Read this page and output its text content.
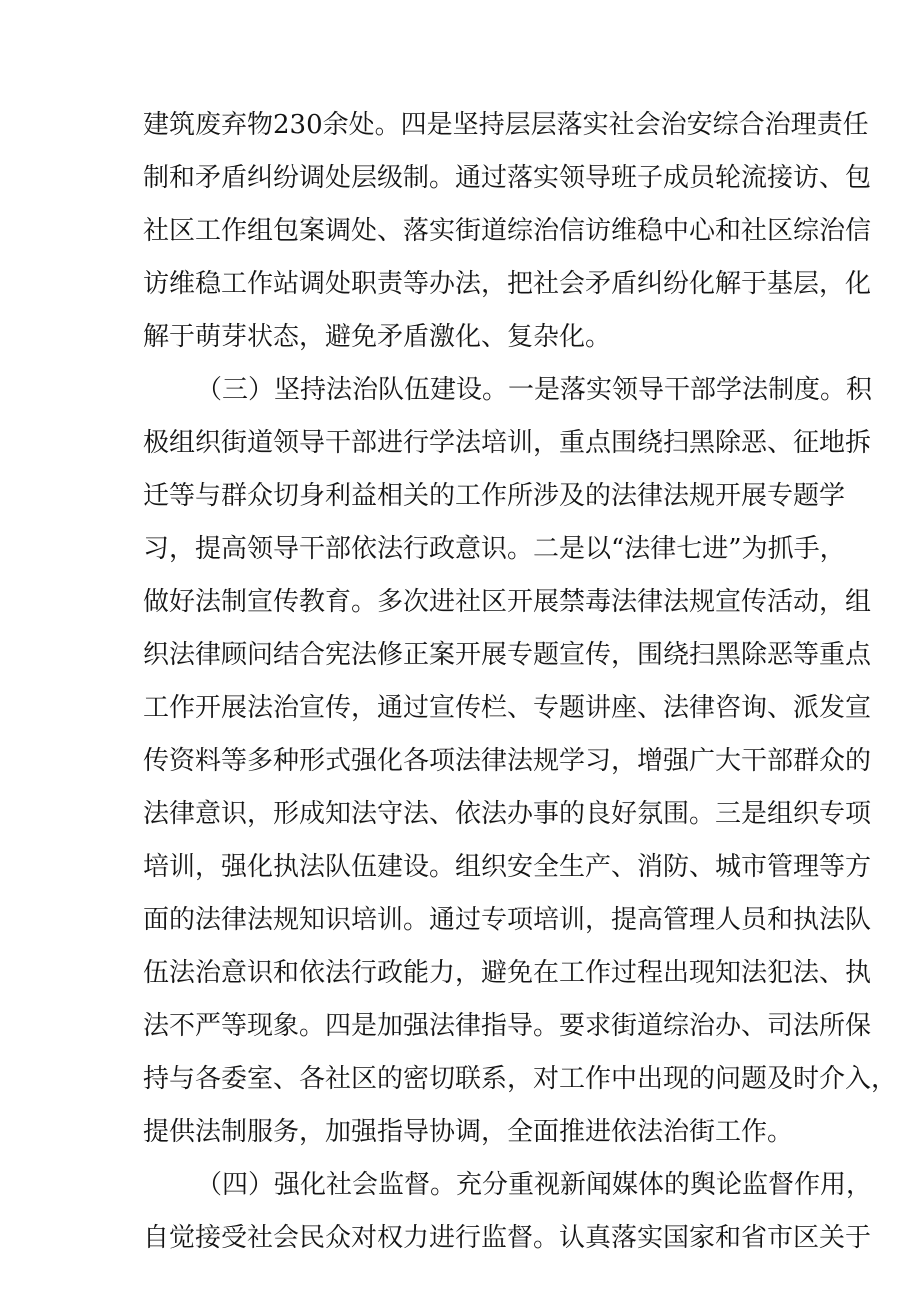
建筑废弃物230余处。四是坚持层层落实社会治安综合治理责任
制和矛盾纠纷调处层级制。通过落实领导班子成员轮流接访、包
社区工作组包案调处、落实街道综治信访维稳中心和社区综治信
访维稳工作站调处职责等办法，把社会矛盾纠纷化解于基层，化
解于萌芽状态，避免矛盾激化、复杂化。
（三）坚持法治队伍建设。一是落实领导干部学法制度。积
极组织街道领导干部进行学法培训，重点围绕扫黑除恶、征地拆
迁等与群众切身利益相关的工作所涉及的法律法规开展专题学
习，提高领导干部依法行政意识。二是以“法律七进”为抓手，
做好法制宣传教育。多次进社区开展禁毒法律法规宣传活动，组
织法律顾问结合宪法修正案开展专题宣传，围绕扫黑除恶等重点
工作开展法治宣传，通过宣传栏、专题讲座、法律咨询、派发宣
传资料等多种形式强化各项法律法规学习，增强广大干部群众的
法律意识，形成知法守法、依法办事的良好氛围。三是组织专项
培训，强化执法队伍建设。组织安全生产、消防、城市管理等方
面的法律法规知识培训。通过专项培训，提高管理人员和执法队
伍法治意识和依法行政能力，避免在工作过程出现知法犯法、执
法不严等现象。四是加强法律指导。要求街道综治办、司法所保
持与各委室、各社区的密切联系，对工作中出现的问题及时介入，
提供法制服务，加强指导协调，全面推进依法治街工作。
（四）强化社会监督。充分重视新闻媒体的舆论监督作用，
自觉接受社会民众对权力进行监督。认真落实国家和省市区关于
